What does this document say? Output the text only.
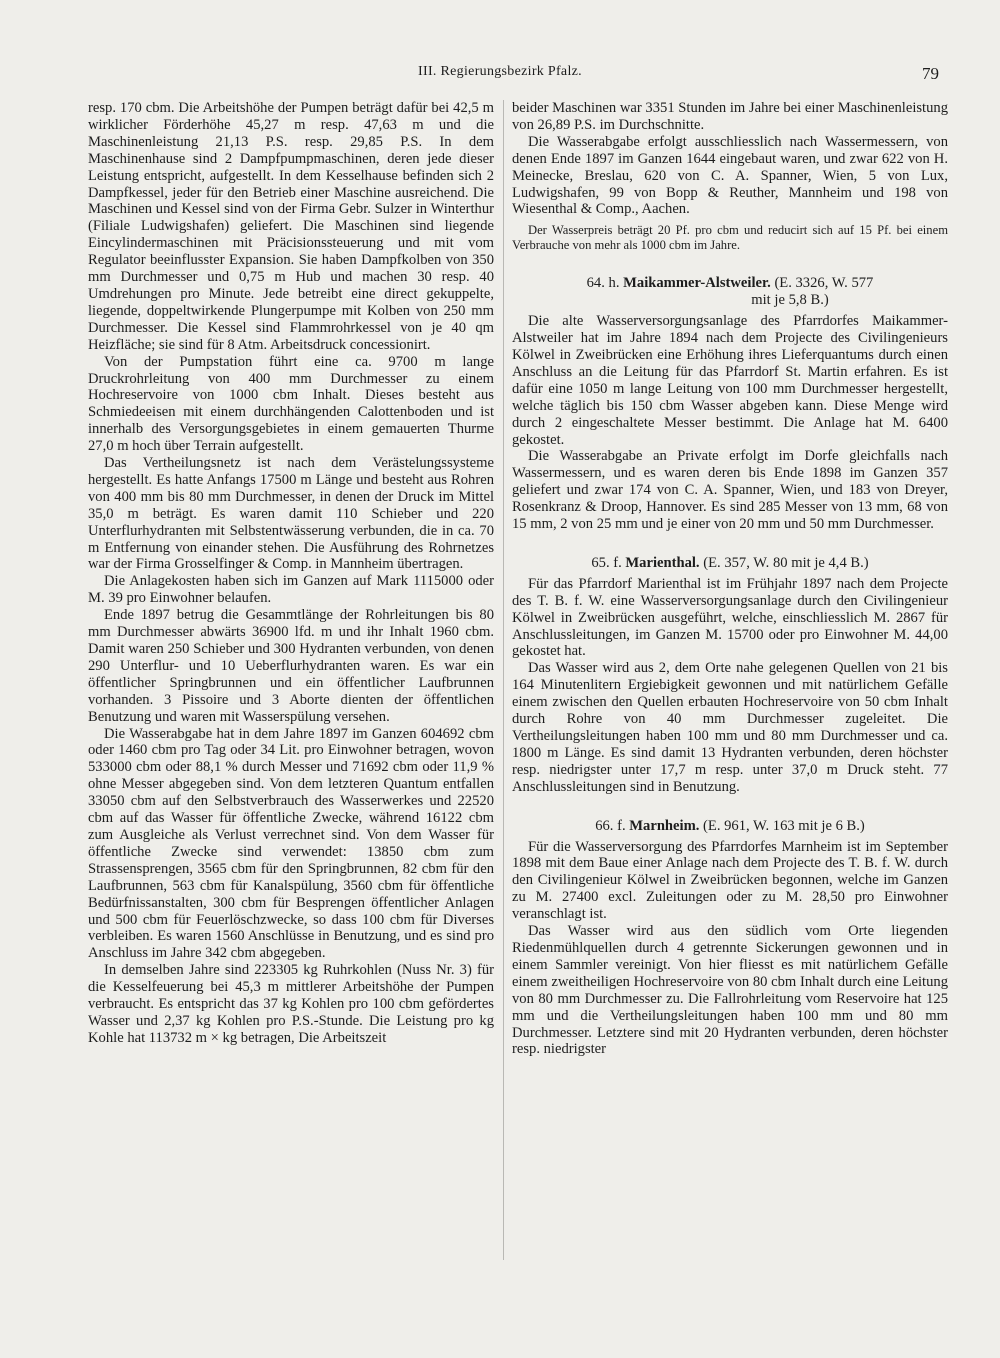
III. Regierungsbezirk Pfalz.	79

resp. 170 cbm. Die Arbeitshöhe der Pumpen beträgt dafür bei 42,5 m wirklicher Förderhöhe 45,27 m resp. 47,63 m und die Maschinenleistung 21,13 P.S. resp. 29,85 P.S. In dem Maschinenhause sind 2 Dampfpumpmaschinen, deren jede dieser Leistung entspricht, aufgestellt. In dem Kesselhause befinden sich 2 Dampfkessel, jeder für den Betrieb einer Maschine ausreichend. Die Maschinen und Kessel sind von der Firma Gebr. Sulzer in Winterthur (Filiale Ludwigshafen) geliefert. Die Maschinen sind liegende Eincylindermaschinen mit Präcisionssteuerung und mit vom Regulator beeinflusster Expansion. Sie haben Dampfkolben von 350 mm Durchmesser und 0,75 m Hub und machen 30 resp. 40 Umdrehungen pro Minute. Jede betreibt eine direct gekuppelte, liegende, doppeltwirkende Plungerpumpe mit Kolben von 250 mm Durchmesser. Die Kessel sind Flammrohrkessel von je 40 qm Heizfläche; sie sind für 8 Atm. Arbeitsdruck concessionirt.

Von der Pumpstation führt eine ca. 9700 m lange Druckrohrleitung von 400 mm Durchmesser zu einem Hochreservoire von 1000 cbm Inhalt. Dieses besteht aus Schmiedeeisen mit einem durchhängenden Calottenboden und ist innerhalb des Versorgungsgebietes in einem gemauerten Thurme 27,0 m hoch über Terrain aufgestellt.

Das Vertheilungsnetz ist nach dem Verästelungssysteme hergestellt. Es hatte Anfangs 17500 m Länge und besteht aus Rohren von 400 mm bis 80 mm Durchmesser, in denen der Druck im Mittel 35,0 m beträgt. Es waren damit 110 Schieber und 220 Unterflurhydranten mit Selbstentwässerung verbunden, die in ca. 70 m Entfernung von einander stehen. Die Ausführung des Rohrnetzes war der Firma Grosselfinger & Comp. in Mannheim übertragen.

Die Anlagekosten haben sich im Ganzen auf Mark 1115000 oder M. 39 pro Einwohner belaufen.

Ende 1897 betrug die Gesammtlänge der Rohrleitungen bis 80 mm Durchmesser abwärts 36900 lfd. m und ihr Inhalt 1960 cbm. Damit waren 250 Schieber und 300 Hydranten verbunden, von denen 290 Unterflur- und 10 Ueberflurhydranten waren. Es war ein öffentlicher Springbrunnen und ein öffentlicher Laufbrunnen vorhanden. 3 Pissoire und 3 Aborte dienten der öffentlichen Benutzung und waren mit Wasserspülung versehen.

Die Wasserabgabe hat in dem Jahre 1897 im Ganzen 604692 cbm oder 1460 cbm pro Tag oder 34 Lit. pro Einwohner betragen, wovon 533000 cbm oder 88,1 % durch Messer und 71692 cbm oder 11,9 % ohne Messer abgegeben sind. Von dem letzteren Quantum entfallen 33050 cbm auf den Selbstverbrauch des Wasserwerkes und 22520 cbm auf das Wasser für öffentliche Zwecke, während 16122 cbm zum Ausgleiche als Verlust verrechnet sind. Von dem Wasser für öffentliche Zwecke sind verwendet: 13850 cbm zum Strassensprengen, 3565 cbm für den Springbrunnen, 82 cbm für den Laufbrunnen, 563 cbm für Kanalspülung, 3560 cbm für öffentliche Bedürfnissanstalten, 300 cbm für Besprengen öffentlicher Anlagen und 500 cbm für Feuerlöschzwecke, so dass 100 cbm für Diverses verbleiben. Es waren 1560 Anschlüsse in Benutzung, und es sind pro Anschluss im Jahre 342 cbm abgegeben.

In demselben Jahre sind 223305 kg Ruhrkohlen (Nuss Nr. 3) für die Kesselfeuerung bei 45,3 m mittlerer Arbeitshöhe der Pumpen verbraucht. Es entspricht das 37 kg Kohlen pro 100 cbm gefördertes Wasser und 2,37 kg Kohlen pro P.S.-Stunde. Die Leistung pro kg Kohle hat 113732 m × kg betragen, Die Arbeitszeit

beider Maschinen war 3351 Stunden im Jahre bei einer Maschinenleistung von 26,89 P.S. im Durchschnitte.

Die Wasserabgabe erfolgt ausschliesslich nach Wassermessern, von denen Ende 1897 im Ganzen 1644 eingebaut waren, und zwar 622 von H. Meinecke, Breslau, 620 von C. A. Spanner, Wien, 5 von Lux, Ludwigshafen, 99 von Bopp & Reuther, Mannheim und 198 von Wiesenthal & Comp., Aachen.

Der Wasserpreis beträgt 20 Pf. pro cbm und reducirt sich auf 15 Pf. bei einem Verbrauche von mehr als 1000 cbm im Jahre.

64. h. Maikammer-Alstweiler. (E. 3326, W. 577
mit je 5,8 B.)

Die alte Wasserversorgungsanlage des Pfarrdorfes Maikammer-Alstweiler hat im Jahre 1894 nach dem Projecte des Civilingenieurs Kölwel in Zweibrücken eine Erhöhung ihres Lieferquantums durch einen Anschluss an die Leitung für das Pfarrdorf St. Martin erfahren. Es ist dafür eine 1050 m lange Leitung von 100 mm Durchmesser hergestellt, welche täglich bis 150 cbm Wasser abgeben kann. Diese Menge wird durch 2 eingeschaltete Messer bestimmt. Die Anlage hat M. 6400 gekostet.

Die Wasserabgabe an Private erfolgt im Dorfe gleichfalls nach Wassermessern, und es waren deren bis Ende 1898 im Ganzen 357 geliefert und zwar 174 von C. A. Spanner, Wien, und 183 von Dreyer, Rosenkranz & Droop, Hannover. Es sind 285 Messer von 13 mm, 68 von 15 mm, 2 von 25 mm und je einer von 20 mm und 50 mm Durchmesser.

65. f. Marienthal. (E. 357, W. 80 mit je 4,4 B.)

Für das Pfarrdorf Marienthal ist im Frühjahr 1897 nach dem Projecte des T. B. f. W. eine Wasserversorgungsanlage durch den Civilingenieur Kölwel in Zweibrücken ausgeführt, welche, einschliesslich M. 2867 für Anschlussleitungen, im Ganzen M. 15700 oder pro Einwohner M. 44,00 gekostet hat.

Das Wasser wird aus 2, dem Orte nahe gelegenen Quellen von 21 bis 164 Minutenlitern Ergiebigkeit gewonnen und mit natürlichem Gefälle einem zwischen den Quellen erbauten Hochreservoire von 50 cbm Inhalt durch Rohre von 40 mm Durchmesser zugeleitet. Die Vertheilungsleitungen haben 100 mm und 80 mm Durchmesser und ca. 1800 m Länge. Es sind damit 13 Hydranten verbunden, deren höchster resp. niedrigster unter 17,7 m resp. unter 37,0 m Druck steht. 77 Anschlussleitungen sind in Benutzung.

66. f. Marnheim. (E. 961, W. 163 mit je 6 B.)

Für die Wasserversorgung des Pfarrdorfes Marnheim ist im September 1898 mit dem Baue einer Anlage nach dem Projecte des T. B. f. W. durch den Civilingenieur Kölwel in Zweibrücken begonnen, welche im Ganzen zu M. 27400 excl. Zuleitungen oder zu M. 28,50 pro Einwohner veranschlagt ist.

Das Wasser wird aus den südlich vom Orte liegenden Riedenmühlquellen durch 4 getrennte Sickerungen gewonnen und in einem Sammler vereinigt. Von hier fliesst es mit natürlichem Gefälle einem zweitheiligen Hochreservoire von 80 cbm Inhalt durch eine Leitung von 80 mm Durchmesser zu. Die Fallrohrleitung vom Reservoire hat 125 mm und die Vertheilungsleitungen haben 100 mm und 80 mm Durchmesser. Letztere sind mit 20 Hydranten verbunden, deren höchster resp. niedrigster
